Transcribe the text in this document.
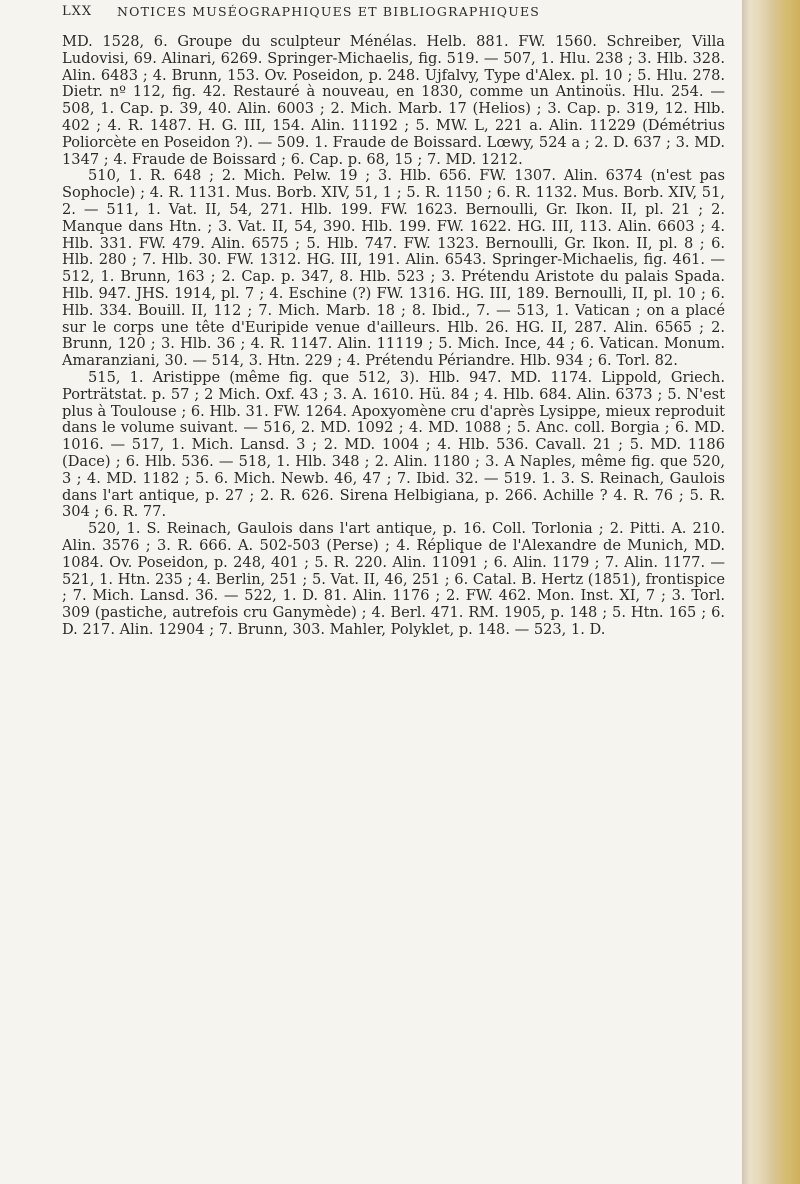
LXX NOTICES MUSÉOGRAPHIQUES ET BIBLIOGRAPHIQUES

MD. 1528, 6. Groupe du sculpteur Ménélas. Helb. 881. FW. 1560. Schreiber, Villa Ludovisi, 69. Alinari, 6269. Springer-Michaelis, fig. 519. — 507, 1. Hlu. 238 ; 3. Hlb. 328. Alin. 6483 ; 4. Brunn, 153. Ov. Poseidon, p. 248. Ujfalvy, Type d'Alex. pl. 10 ; 5. Hlu. 278. Dietr. nº 112, fig. 42. Restauré à nouveau, en 1830, comme un Antinoüs. Hlu. 254. — 508, 1. Cap. p. 39, 40. Alin. 6003 ; 2. Mich. Marb. 17 (Helios) ; 3. Cap. p. 319, 12. Hlb. 402 ; 4. R. 1487. H. G. III, 154. Alin. 11192 ; 5. MW. L, 221 a. Alin. 11229 (Démétrius Poliorcète en Poseidon ?). — 509. 1. Fraude de Boissard. Lœwy, 524 a ; 2. D. 637 ; 3. MD. 1347 ; 4. Fraude de Boissard ; 6. Cap. p. 68, 15 ; 7. MD. 1212.

510, 1. R. 648 ; 2. Mich. Pelw. 19 ; 3. Hlb. 656. FW. 1307. Alin. 6374 (n'est pas Sophocle) ; 4. R. 1131. Mus. Borb. XIV, 51, 1 ; 5. R. 1150 ; 6. R. 1132. Mus. Borb. XIV, 51, 2. — 511, 1. Vat. II, 54, 271. Hlb. 199. FW. 1623. Bernoulli, Gr. Ikon. II, pl. 21 ; 2. Manque dans Htn. ; 3. Vat. II, 54, 390. Hlb. 199. FW. 1622. HG. III, 113. Alin. 6603 ; 4. Hlb. 331. FW. 479. Alin. 6575 ; 5. Hlb. 747. FW. 1323. Bernoulli, Gr. Ikon. II, pl. 8 ; 6. Hlb. 280 ; 7. Hlb. 30. FW. 1312. HG. III, 191. Alin. 6543. Springer-Michaelis, fig. 461. — 512, 1. Brunn, 163 ; 2. Cap. p. 347, 8. Hlb. 523 ; 3. Prétendu Aristote du palais Spada. Hlb. 947. JHS. 1914, pl. 7 ; 4. Eschine (?) FW. 1316. HG. III, 189. Bernoulli, II, pl. 10 ; 6. Hlb. 334. Bouill. II, 112 ; 7. Mich. Marb. 18 ; 8. Ibid., 7. — 513, 1. Vatican ; on a placé sur le corps une tête d'Euripide venue d'ailleurs. Hlb. 26. HG. II, 287. Alin. 6565 ; 2. Brunn, 120 ; 3. Hlb. 36 ; 4. R. 1147. Alin. 11119 ; 5. Mich. Ince, 44 ; 6. Vatican. Monum. Amaranziani, 30. — 514, 3. Htn. 229 ; 4. Prétendu Périandre. Hlb. 934 ; 6. Torl. 82.

515, 1. Aristippe (même fig. que 512, 3). Hlb. 947. MD. 1174. Lippold, Griech. Porträtstat. p. 57 ; 2 Mich. Oxf. 43 ; 3. A. 1610. Hü. 84 ; 4. Hlb. 684. Alin. 6373 ; 5. N'est plus à Toulouse ; 6. Hlb. 31. FW. 1264. Apoxyomène cru d'après Lysippe, mieux reproduit dans le volume suivant. — 516, 2. MD. 1092 ; 4. MD. 1088 ; 5. Anc. coll. Borgia ; 6. MD. 1016. — 517, 1. Mich. Lansd. 3 ; 2. MD. 1004 ; 4. Hlb. 536. Cavall. 21 ; 5. MD. 1186 (Dace) ; 6. Hlb. 536. — 518, 1. Hlb. 348 ; 2. Alin. 1180 ; 3. A Naples, même fig. que 520, 3 ; 4. MD. 1182 ; 5. 6. Mich. Newb. 46, 47 ; 7. Ibid. 32. — 519. 1. 3. S. Reinach, Gaulois dans l'art antique, p. 27 ; 2. R. 626. Sirena Helbigiana, p. 266. Achille ? 4. R. 76 ; 5. R. 304 ; 6. R. 77.

520, 1. S. Reinach, Gaulois dans l'art antique, p. 16. Coll. Torlonia ; 2. Pitti. A. 210. Alin. 3576 ; 3. R. 666. A. 502-503 (Perse) ; 4. Réplique de l'Alexandre de Munich, MD. 1084. Ov. Poseidon, p. 248, 401 ; 5. R. 220. Alin. 11091 ; 6. Alin. 1179 ; 7. Alin. 1177. — 521, 1. Htn. 235 ; 4. Berlin, 251 ; 5. Vat. II, 46, 251 ; 6. Catal. B. Hertz (1851), frontispice ; 7. Mich. Lansd. 36. — 522, 1. D. 81. Alin. 1176 ; 2. FW. 462. Mon. Inst. XI, 7 ; 3. Torl. 309 (pastiche, autrefois cru Ganymède) ; 4. Berl. 471. RM. 1905, p. 148 ; 5. Htn. 165 ; 6. D. 217. Alin. 12904 ; 7. Brunn, 303. Mahler, Polyklet, p. 148. — 523, 1. D.
